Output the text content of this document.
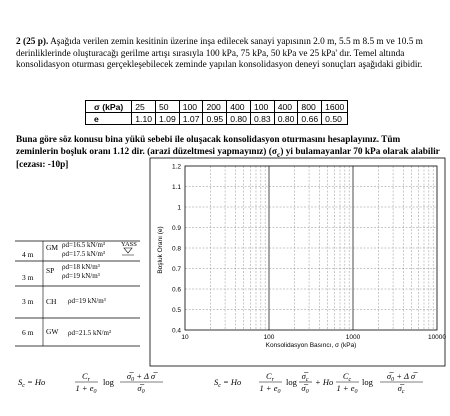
2 (25 p). Aşağıda verilen zemin kesitinin üzerine inşa edilecek sanayi yapısının 2.0 m, 5.5 m 8.5 m ve 10.5 m derinliklerinde oluşturacağı gerilme artışı sırasıyla 100 kPa, 75 kPa, 50 kPa ve 25 kPa' dır. Temel altında konsolidasyon oturması gerçekleşebilecek zeminde yapılan konsolidasyon deneyi sonuçları aşağıdaki gibidir.
σ (kPa)	25	50	100	200	400	100	400	800	1600
e	1.10	1.09	1.07	0.95	0.80	0.83	0.80	0.66	0.50
Buna göre söz konusu bina yükü sebebi ile oluşacak konsolidasyon oturmasını hesaplayınız. Tüm zeminlerin boşluk oranı 1.12 dir. (arazi düzeltmesi yapmayınız) $(\sigma_c)$ yi bulamayanlar 70 kPa olarak alabilir [cezası: -10p]
4 m
3 m
6 m
3 m
GM
SP
CH
GW
ρd=16.5 kN/m³
ρd=17.5 kN/m³
ρd=18 kN/m³
ρd=19 kN/m³
ρd=19 kN/m³
ρd=21.5 kN/m³
YASS
0.4
0.5
0.6
0.7
0.8
0.9
1
1.1
1.2
10	100	1000	10000
Konsolidasyon Basıncı, σ (kPa)
Boşluk Oranı (e)
$S_c = Ho$
$C_r$
$1 + e_0$
log
$\sigma̅_0 + \Delta$ σ̅
$\sigma̅_0$
$S_c = Ho$
$C_r$
$1 + e_0$
log
$\sigma̅_c$
$\sigma̅_0$
+ Ho
$C_c$
$1 + e_0$
log
$\sigma̅_0 + \Delta$ σ̅
$\sigma̅_c$
